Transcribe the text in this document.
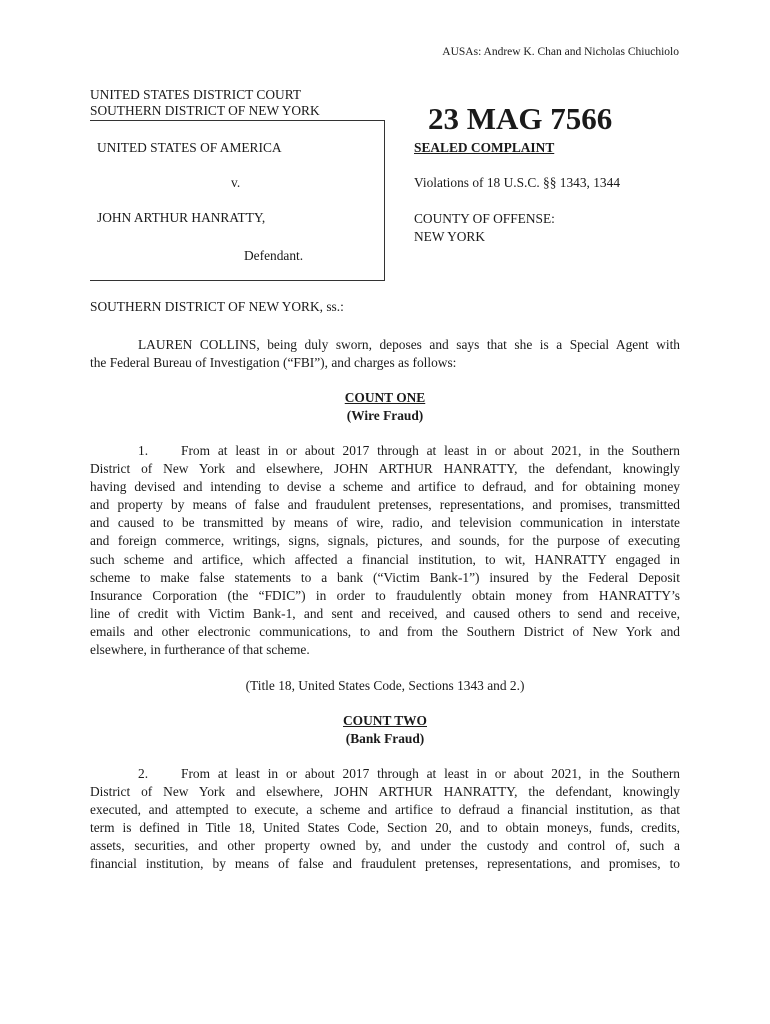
AUSAs: Andrew K. Chan and Nicholas Chiuchiolo
UNITED STATES DISTRICT COURT
SOUTHERN DISTRICT OF NEW YORK
UNITED STATES OF AMERICA
v.
JOHN ARTHUR HANRATTY,
Defendant.
23 MAG 7566
SEALED COMPLAINT
Violations of 18 U.S.C. §§ 1343, 1344
COUNTY OF OFFENSE:
NEW YORK
SOUTHERN DISTRICT OF NEW YORK, ss.:
LAUREN COLLINS, being duly sworn, deposes and says that she is a Special Agent with
the Federal Bureau of Investigation (“FBI”), and charges as follows:
COUNT ONE
(Wire Fraud)
1. From at least in or about 2017 through at least in or about 2021, in the Southern
District of New York and elsewhere, JOHN ARTHUR HANRATTY, the defendant, knowingly
having devised and intending to devise a scheme and artifice to defraud, and for obtaining money
and property by means of false and fraudulent pretenses, representations, and promises, transmitted
and caused to be transmitted by means of wire, radio, and television communication in interstate
and foreign commerce, writings, signs, signals, pictures, and sounds, for the purpose of executing
such scheme and artifice, which affected a financial institution, to wit, HANRATTY engaged in
scheme to make false statements to a bank (“Victim Bank-1”) insured by the Federal Deposit
Insurance Corporation (the “FDIC”) in order to fraudulently obtain money from HANRATTY’s
line of credit with Victim Bank-1, and sent and received, and caused others to send and receive,
emails and other electronic communications, to and from the Southern District of New York and
elsewhere, in furtherance of that scheme.
(Title 18, United States Code, Sections 1343 and 2.)
COUNT TWO
(Bank Fraud)
2. From at least in or about 2017 through at least in or about 2021, in the Southern
District of New York and elsewhere, JOHN ARTHUR HANRATTY, the defendant, knowingly
executed, and attempted to execute, a scheme and artifice to defraud a financial institution, as that
term is defined in Title 18, United States Code, Section 20, and to obtain moneys, funds, credits,
assets, securities, and other property owned by, and under the custody and control of, such a
financial institution, by means of false and fraudulent pretenses, representations, and promises, to
